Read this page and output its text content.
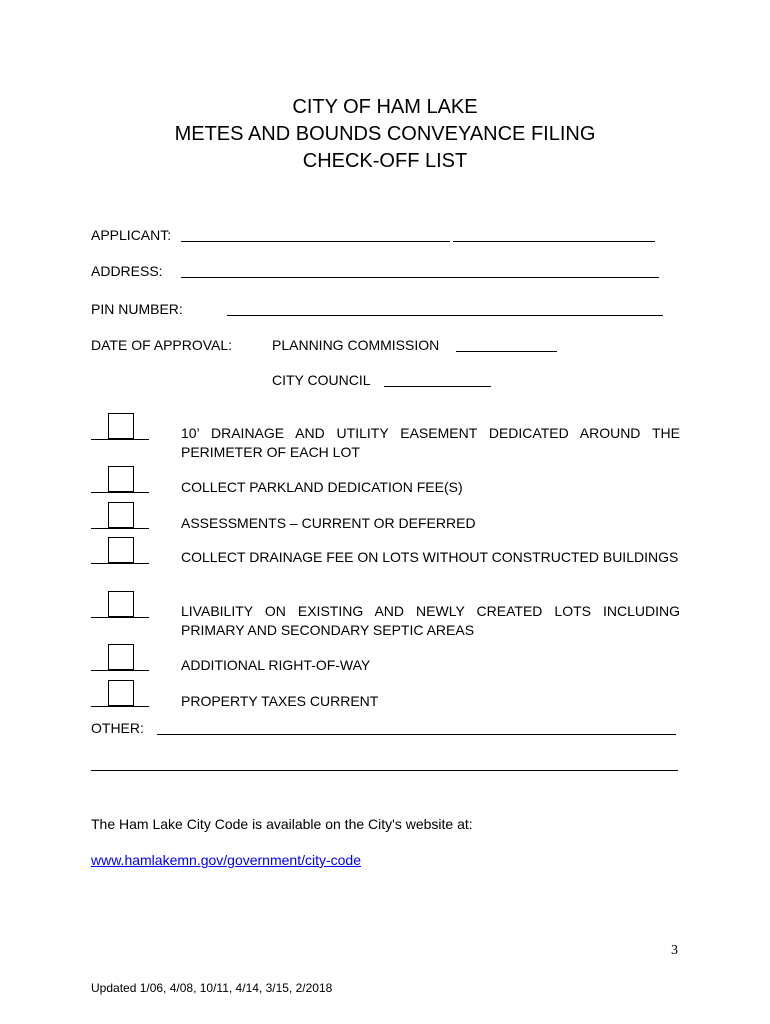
CITY OF HAM LAKE
METES AND BOUNDS CONVEYANCE FILING
CHECK-OFF LIST
APPLICANT:
ADDRESS:
PIN NUMBER:
DATE OF APPROVAL:	PLANNING COMMISSION
CITY COUNCIL
10’ DRAINAGE AND UTILITY EASEMENT DEDICATED AROUND THE PERIMETER OF EACH LOT
COLLECT PARKLAND DEDICATION FEE(S)
ASSESSMENTS – CURRENT OR DEFERRED
COLLECT DRAINAGE FEE ON LOTS WITHOUT CONSTRUCTED BUILDINGS
LIVABILITY ON EXISTING AND NEWLY CREATED LOTS INCLUDING PRIMARY AND SECONDARY SEPTIC AREAS
ADDITIONAL RIGHT-OF-WAY
PROPERTY TAXES CURRENT
OTHER:
The Ham Lake City Code is available on the City's website at:
www.hamlakemn.gov/government/city-code
3
Updated 1/06, 4/08, 10/11, 4/14, 3/15, 2/2018
